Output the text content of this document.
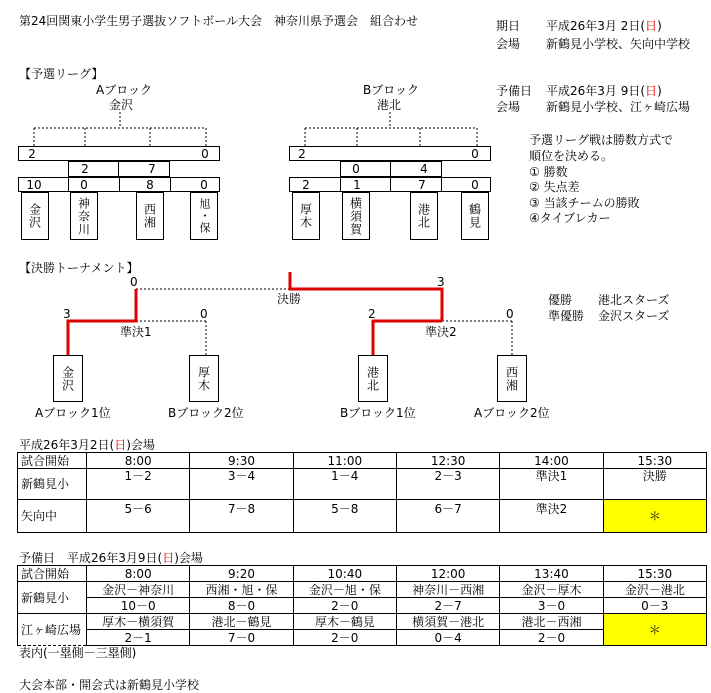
第24回関東小学生男子選抜ソフトボール大会　神奈川県予選会　組合わせ	期日 平成26年3月 2日(日)
会場 新鶴見小学校、矢向中学校
【予選リーグ】
予備日 平成26年3月 9日(日)
会場 新鶴見小学校、江ヶ崎広場
Aブロック
金沢
2	0
2	7
10	0	8	0
金沢	神奈川	西湘	旭・保
Bブロック
港北
2	0
0	4
2	1	7	0
厚木	横須賀	港北	鶴見
予選リーグ戦は勝数方式で
順位を決める。
① 勝数
② 失点差
③ 当該チームの勝敗
④タイブレカー
【決勝トーナメント】
0	3
決勝
3	0
準決1
2	0
準決2
金沢	厚木	港北	西湘
Aブロック1位	Bブロック2位	Bブロック1位	Aブロック2位
優勝 港北スターズ
準優勝 金沢スターズ
平成26年3月2日(日)会場
試合開始	8:00	9:30	11:00	12:30	14:00	15:30
新鶴見小	1－2	3－4	1－4	2－3	準決1	決勝
矢向中	5－6	7－8	5－8	6－7	準決2	＊
予備日　平成26年3月9日(日)会場
試合開始	8:00	9:20	10:40	12:00	13:40	15:30
新鶴見小	金沢－神奈川	西湘・旭・保	金沢－旭・保	神奈川－西湘	金沢－厚木	金沢－港北
	10－0	8－0	2－0	2－7	3－0	0－3
江ヶ崎広場	厚木－横須賀	港北－鶴見	厚木－鶴見	横須賀－港北	港北－西湘	＊
	2－1	7－0	2－0	0－4	2－0	
表内(一塁側－三塁側)
大会本部・開会式は新鶴見小学校
